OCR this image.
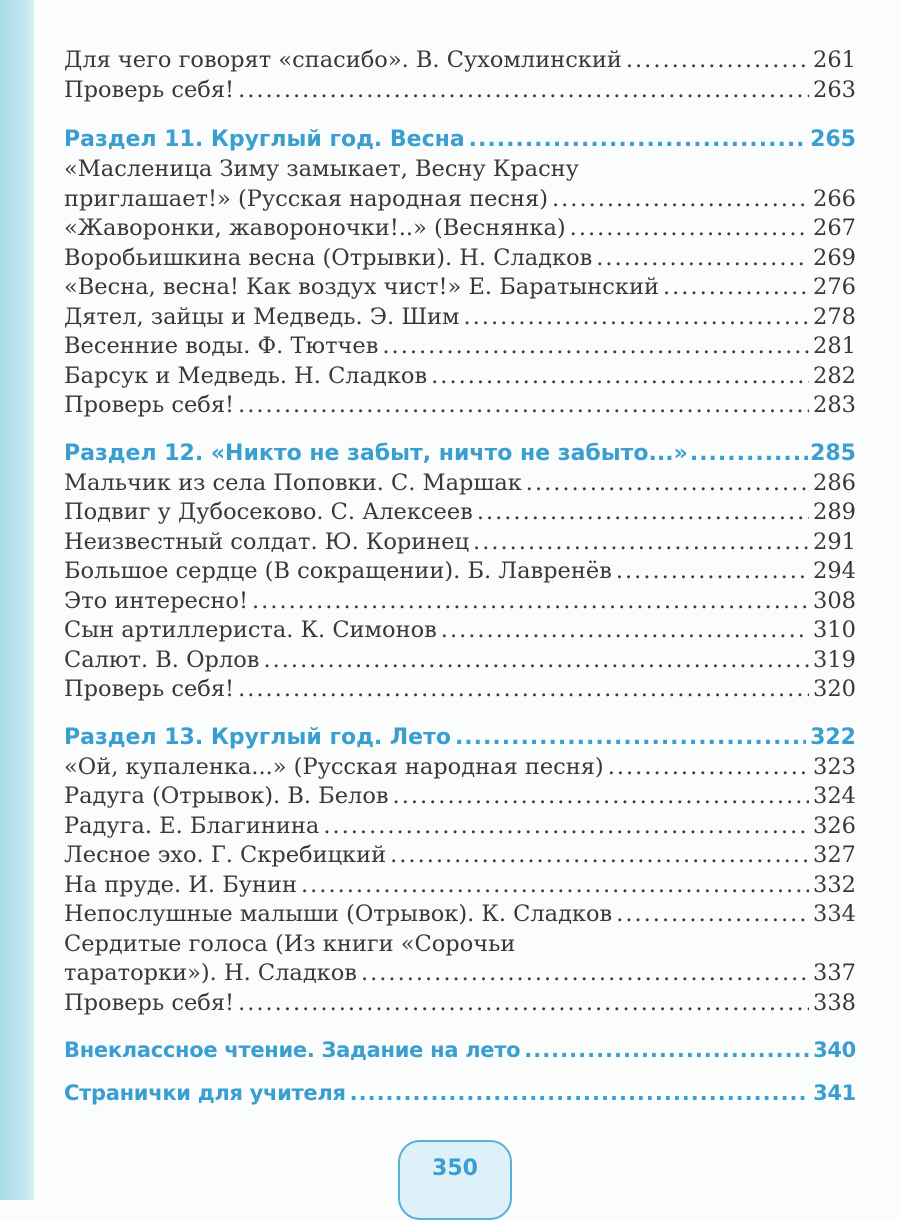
Для чего говорят «спасибо». В. Сухомлинский .....	261
Проверь себя! .....	263
Раздел 11. Круглый год. Весна .....	265
«Масленица Зиму замыкает, Весну Красну
приглашает!» (Русская народная песня) .....	266
«Жаворонки, жавороночки!..» (Веснянка) .....	267
Воробьишкина весна (Отрывки). Н. Сладков .....	269
«Весна, весна! Как воздух чист!» Е. Баратынский .....	276
Дятел, зайцы и Медведь. Э. Шим .....	278
Весенние воды. Ф. Тютчев .....	281
Барсук и Медведь. Н. Сладков .....	282
Проверь себя! .....	283
Раздел 12. «Никто не забыт, ничто не забыто...» .....	285
Мальчик из села Поповки. С. Маршак .....	286
Подвиг у Дубосеково. С. Алексеев .....	289
Неизвестный солдат. Ю. Коринец .....	291
Большое сердце (В сокращении). Б. Лавренёв .....	294
Это интересно! .....	308
Сын артиллериста. К. Симонов .....	310
Салют. В. Орлов .....	319
Проверь себя! .....	320
Раздел 13. Круглый год. Лето .....	322
«Ой, купаленка...» (Русская народная песня) .....	323
Радуга (Отрывок). В. Белов .....	324
Радуга. Е. Благинина .....	326
Лесное эхо. Г. Скребицкий .....	327
На пруде. И. Бунин .....	332
Непослушные малыши (Отрывок). К. Сладков .....	334
Сердитые голоса (Из книги «Сорочьи
тараторки»). Н. Сладков .....	337
Проверь себя! .....	338
Внеклассное чтение. Задание на лето .....	340
Странички для учителя .....	341
350
